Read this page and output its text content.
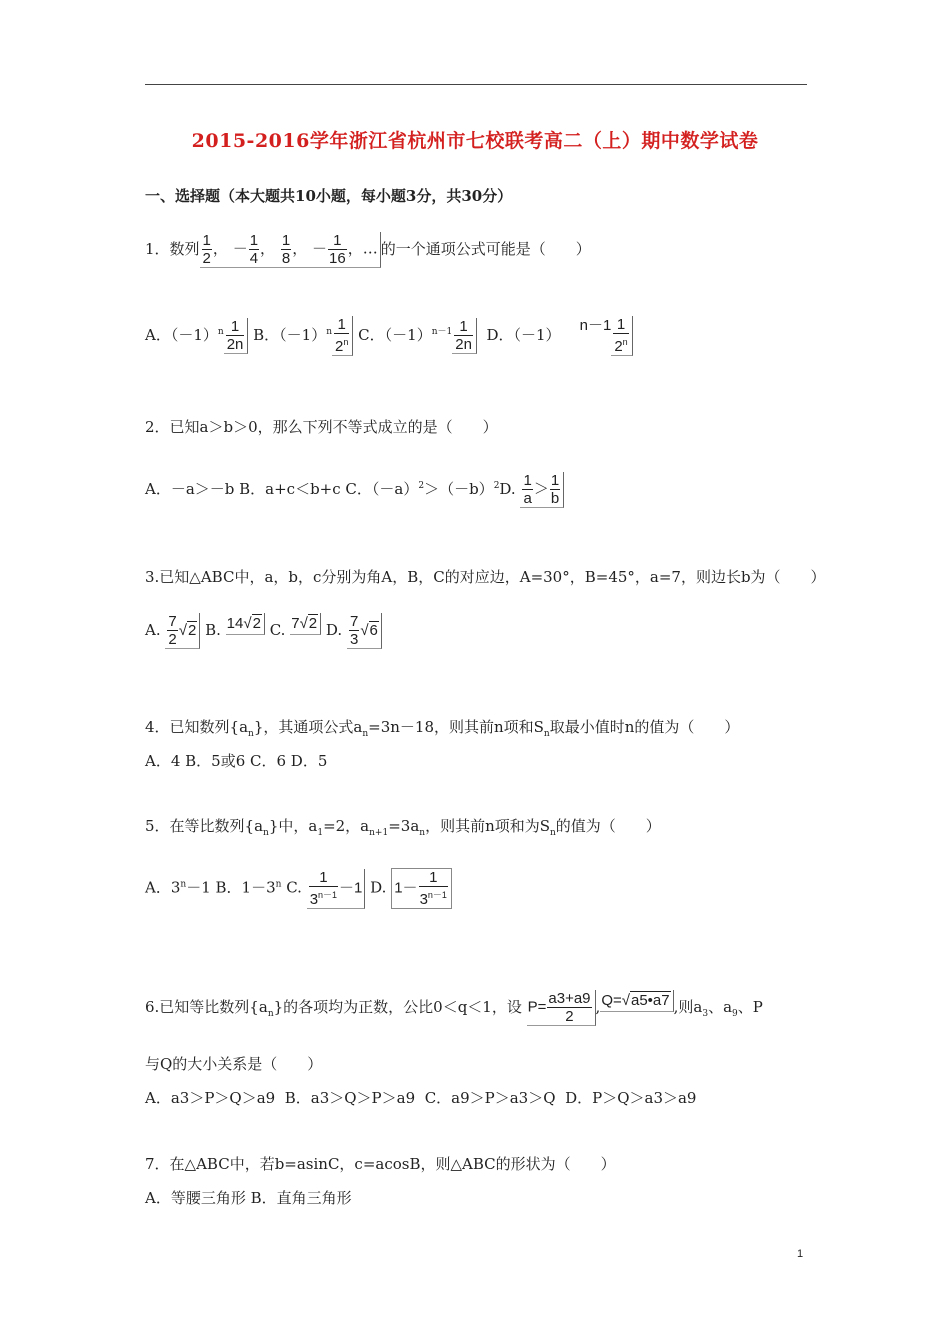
2015-2016学年浙江省杭州市七校联考高二（上）期中数学试卷
一、选择题（本大题共10小题，每小题3分，共30分）
1．数列 $\frac{1}{2}$ ， － $\frac{1}{4}$ ， $\frac{1}{8}$ ， － $\frac{1}{16}$ ，… 的一个通项公式可能是（　　）
A．$(-1)^n \frac{1}{2n}$ B．$(-1)^n \frac{1}{2^n}$ C．$(-1)^{n-1} \frac{1}{2n}$ D．（－1）    $n-1 \frac{1}{2^n}$
2．已知a＞b＞0，那么下列不等式成立的是（　　）
A．－a＞－b B．a+c＜b+c C．$(-a)^2>(-b)^2D$. $\frac{1}{a} > \frac{1}{b}$
3.已知△ABC中，a，b，c分别为角A，B，C的对应边，A=30°，B=45°，a=7，则边长b为（　　）
A. $\frac{7}{2} √2$ B. 14√2 C. 7√2 D. $\frac{7}{3} √6$
4．已知数列$\{a_n\}$，其通项公式$a_n=3n-18$，则其前n项和$S_n$取最小值时n的值为（　　）
A．4 B．5或6 C．6 D．5
5．在等比数列$\{a_n\}$中，$a_1=2$，$a_{n+1}=3a_n$，则其前n项和为$S_n$的值为（　　）
A．$3^n-1$ B．$1-3^n$ C. $\frac{1}{3^{n-1}} -1$ D. $1- \frac{1}{3^{n-1}}$
6.已知等比数列$\{a_n\}$的各项均为正数，公比0＜q＜1，设 $P= \frac{a3+a9}{2}$ ,Q=√a5•a7 ,则$a_3$、$a_9$、P
与Q的大小关系是（　　）
A．a3＞P＞Q＞a9 B．a3＞Q＞P＞a9 C．a9＞P＞a3＞Q D．P＞Q＞a3＞a9
7．在△ABC中，若b=asinC，c=acosB，则△ABC的形状为（　　）
A．等腰三角形 B．直角三角形
1
